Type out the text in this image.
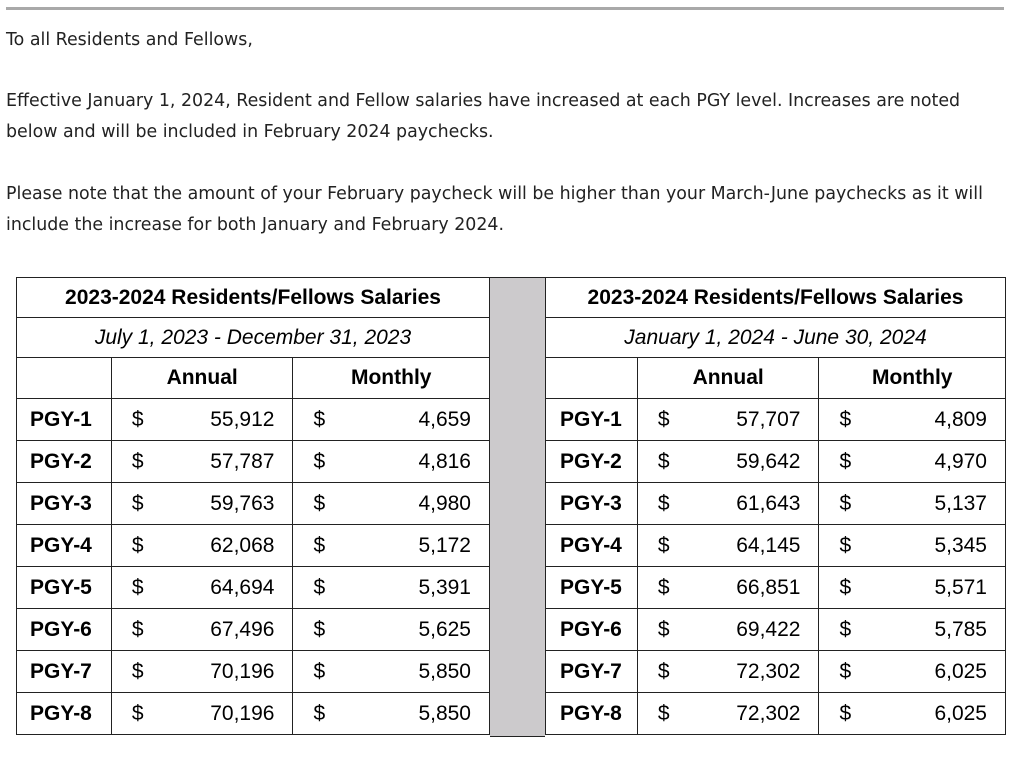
To all Residents and Fellows,

Effective January 1, 2024, Resident and Fellow salaries have increased at each PGY level. Increases are noted below and will be included in February 2024 paychecks.

Please note that the amount of your February paycheck will be higher than your March-June paychecks as it will include the increase for both January and February 2024.

2023-2024 Residents/Fellows Salaries		
July 1, 2023 - December 31, 2023		
	Annual	Monthly
PGY-1	$ 55,912	$ 4,659

PGY-2	$ 57,787	$ 4,816

PGY-3	$ 59,763	$ 4,980

PGY-4	$ 62,068	$ 5,172

PGY-5	$ 64,694	$ 5,391

PGY-6	$ 67,496	$ 5,625

PGY-7	$ 70,196	$ 5,850

PGY-8	$ 70,196	$ 5,850
2023-2024 Residents/Fellows Salaries		
January 1, 2024 - June 30, 2024		
	Annual	Monthly
PGY-1	$ 57,707	$ 4,809

PGY-2	$ 59,642	$ 4,970

PGY-3	$ 61,643	$ 5,137

PGY-4	$ 64,145	$ 5,345

PGY-5	$ 66,851	$ 5,571

PGY-6	$ 69,422	$ 5,785

PGY-7	$ 72,302	$ 6,025

PGY-8	$ 72,302	$ 6,025
